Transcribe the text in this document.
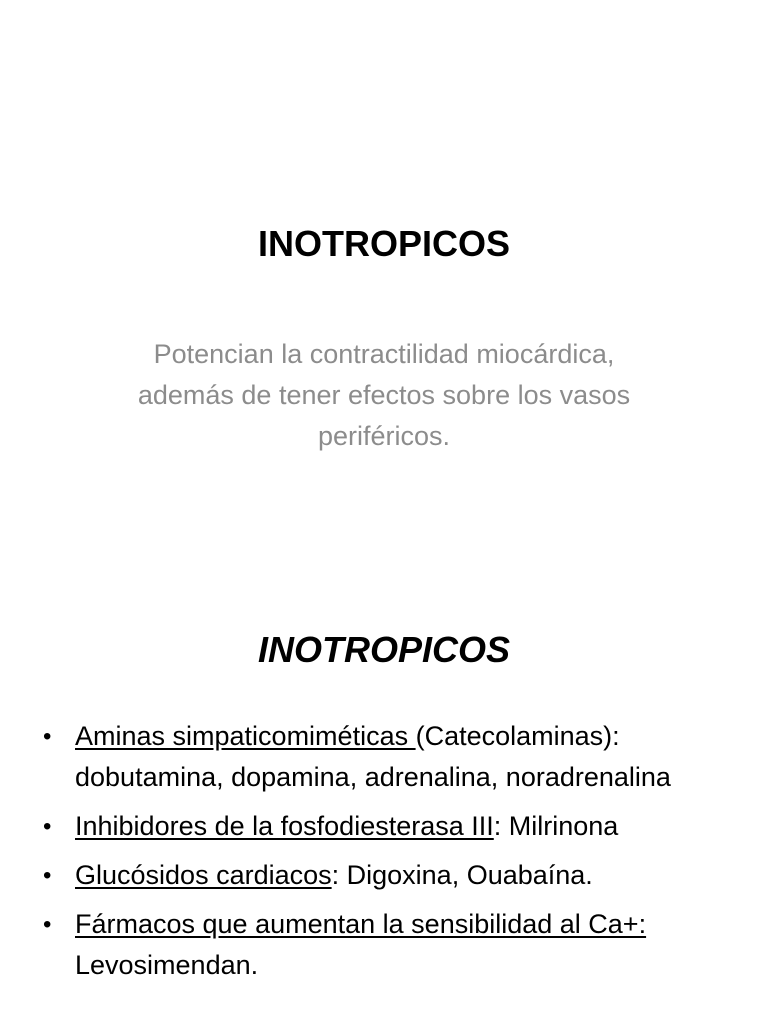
INOTROPICOS

Potencian la contractilidad miocárdica, además de tener efectos sobre los vasos periféricos.

INOTROPICOS
• Aminas simpaticomiméticas (Catecolaminas): dobutamina, dopamina, adrenalina, noradrenalina
• Inhibidores de la fosfodiesterasa III: Milrinona
• Glucósidos cardiacos: Digoxina, Ouabaína.
• Fármacos que aumentan la sensibilidad al Ca+: Levosimendan.
